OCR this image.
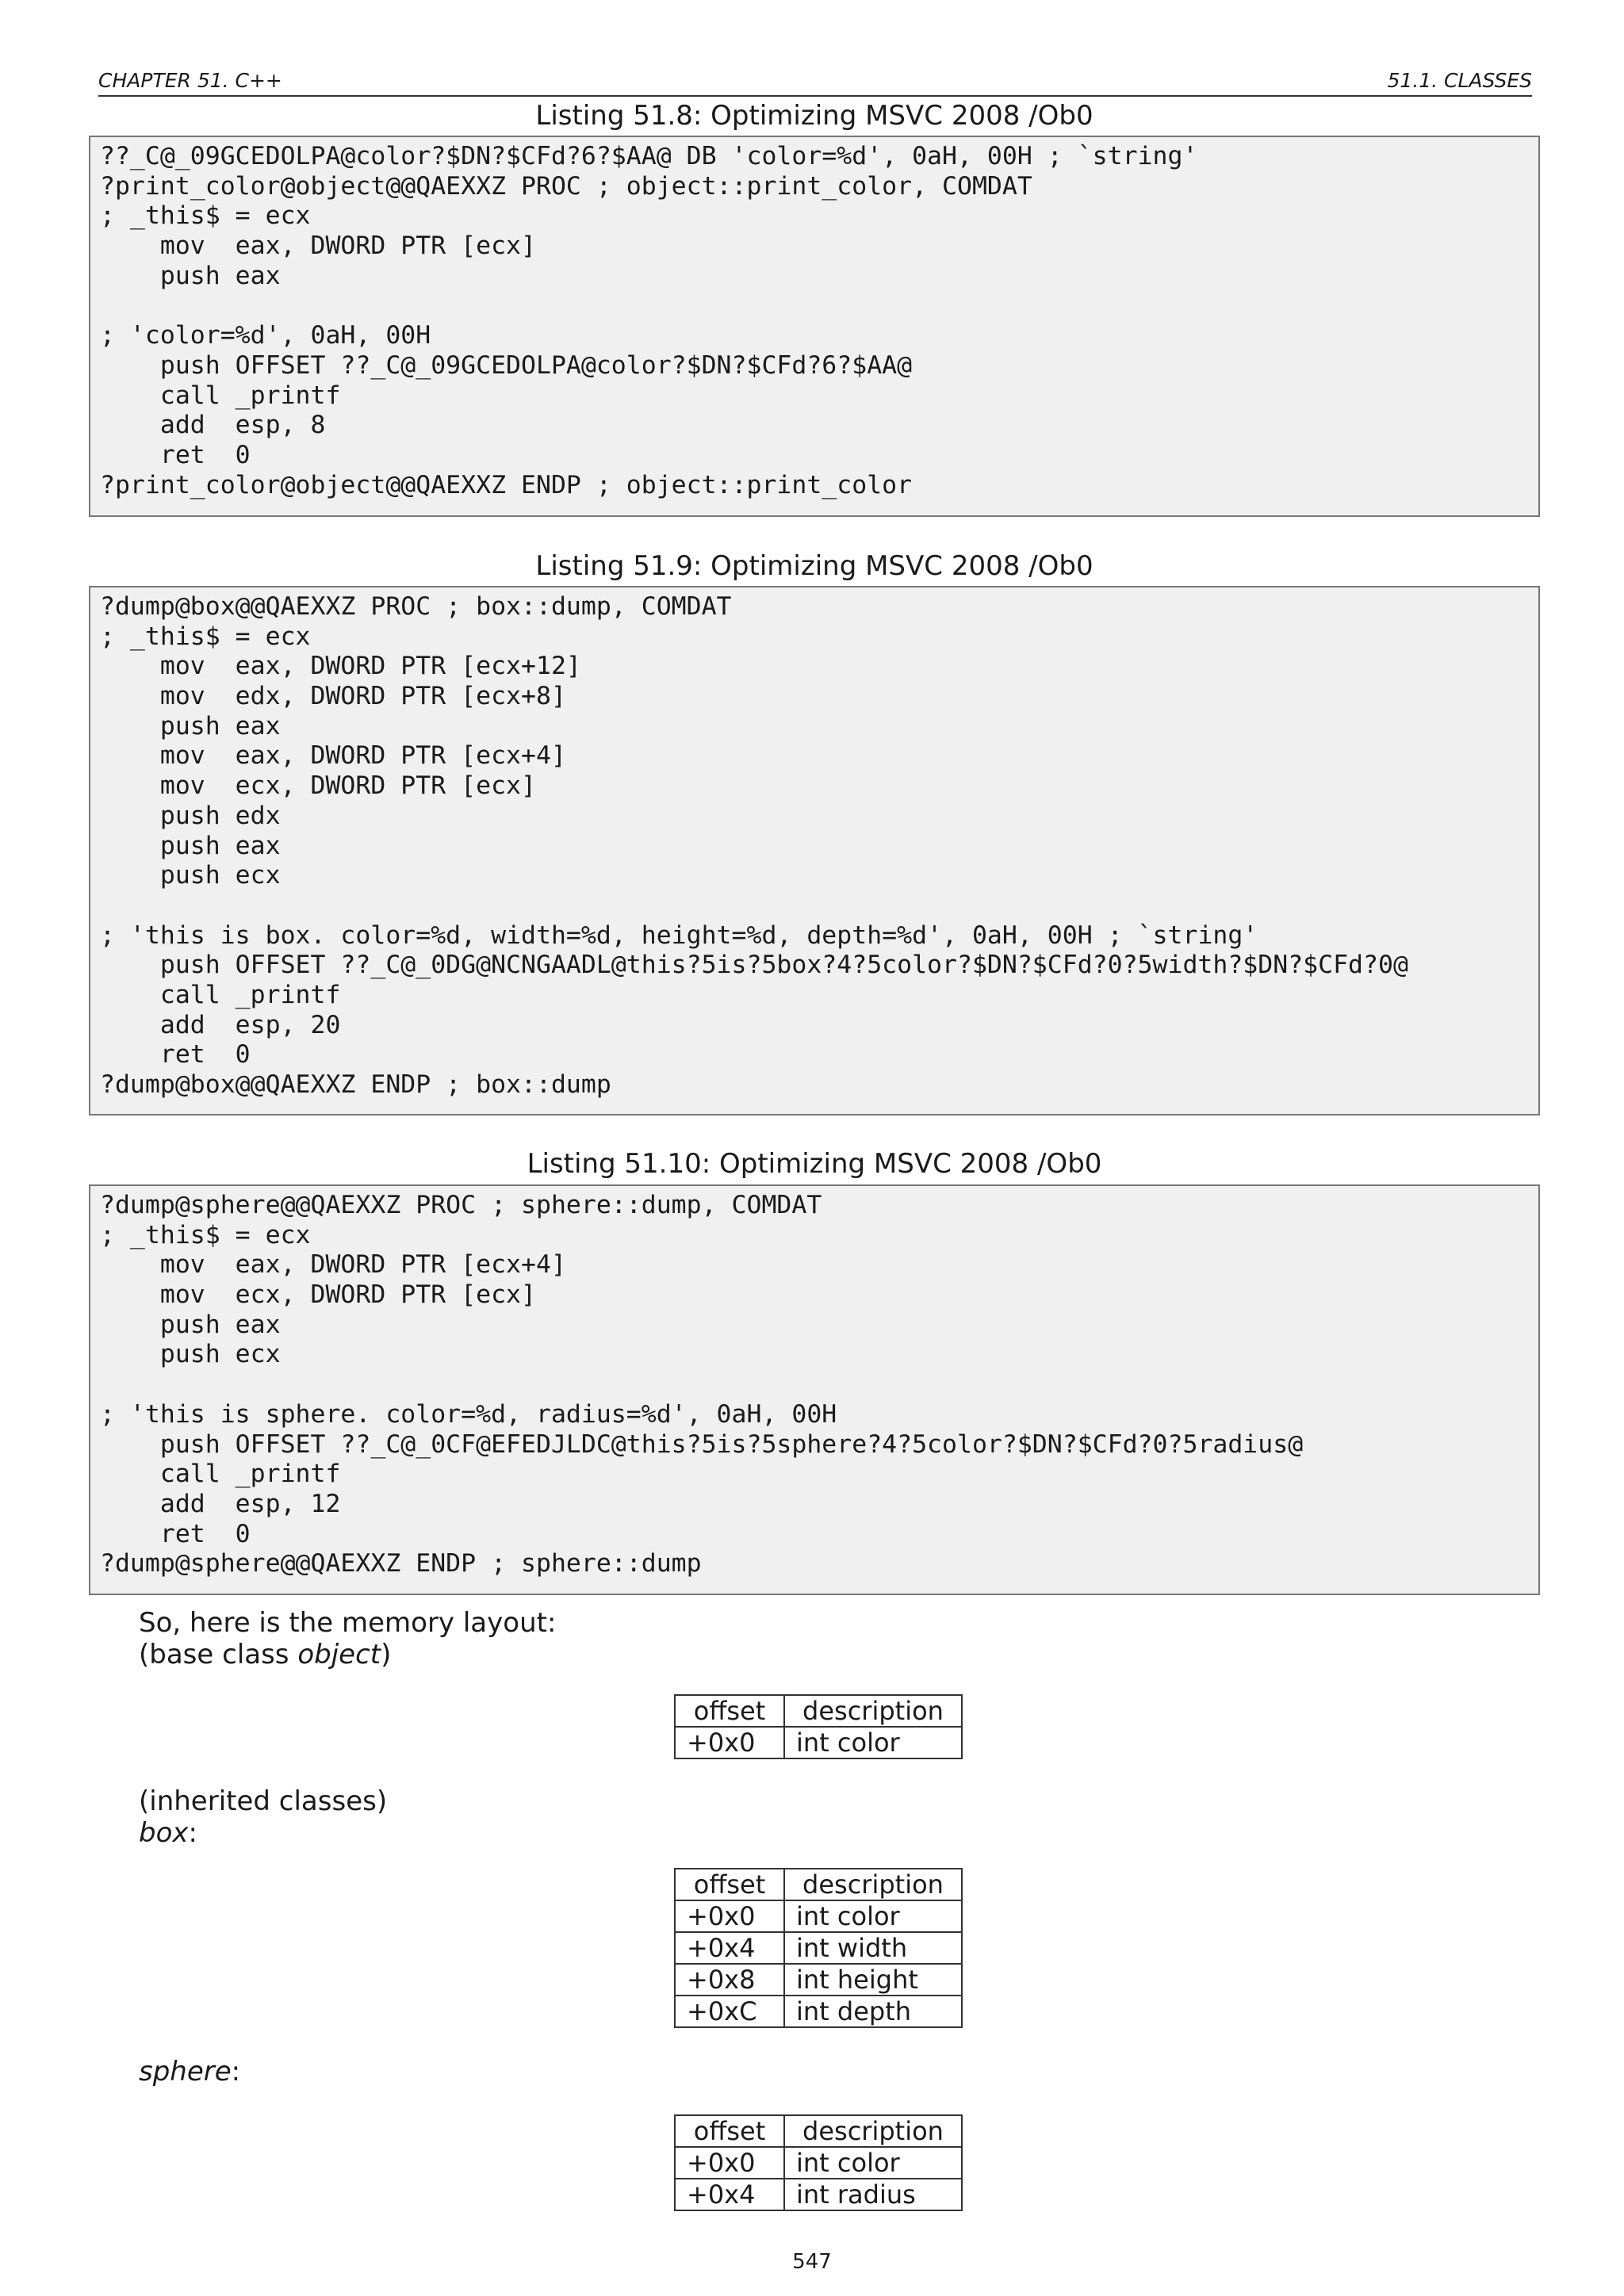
CHAPTER 51. C++	51.1. CLASSES
Listing 51.8: Optimizing MSVC 2008 /Ob0
??_C@_09GCEDOLPA@color?$DN?$CFd?6?$AA@ DB 'color=%d', 0aH, 00H ; `string'
?print_color@object@@QAEXXZ PROC ; object::print_color, COMDAT
; _this$ = ecx
mov  eax, DWORD PTR [ecx]
push eax
; 'color=%d', 0aH, 00H
push OFFSET ??_C@_09GCEDOLPA@color?$DN?$CFd?6?$AA@
call _printf
add  esp, 8
ret  0
?print_color@object@@QAEXXZ ENDP ; object::print_color
Listing 51.9: Optimizing MSVC 2008 /Ob0
?dump@box@@QAEXXZ PROC ; box::dump, COMDAT
; _this$ = ecx
mov  eax, DWORD PTR [ecx+12]
mov  edx, DWORD PTR [ecx+8]
push eax
mov  eax, DWORD PTR [ecx+4]
mov  ecx, DWORD PTR [ecx]
push edx
push eax
push ecx
; 'this is box. color=%d, width=%d, height=%d, depth=%d', 0aH, 00H ; `string'
push OFFSET ??_C@_0DG@NCNGAADL@this?5is?5box?4?5color?$DN?$CFd?0?5width?$DN?$CFd?0@
call _printf
add  esp, 20
ret  0
?dump@box@@QAEXXZ ENDP ; box::dump
Listing 51.10: Optimizing MSVC 2008 /Ob0
?dump@sphere@@QAEXXZ PROC ; sphere::dump, COMDAT
; _this$ = ecx
mov  eax, DWORD PTR [ecx+4]
mov  ecx, DWORD PTR [ecx]
push eax
push ecx
; 'this is sphere. color=%d, radius=%d', 0aH, 00H
push OFFSET ??_C@_0CF@EFEDJLDC@this?5is?5sphere?4?5color?$DN?$CFd?0?5radius@
call _printf
add  esp, 12
ret  0
?dump@sphere@@QAEXXZ ENDP ; sphere::dump
So, here is the memory layout:
(base class object)
offset	description
+0x0	int color
(inherited classes)
box:
offset	description
+0x0	int color
+0x4	int width
+0x8	int height
+0xC	int depth
sphere:
offset	description
+0x0	int color
+0x4	int radius
547
